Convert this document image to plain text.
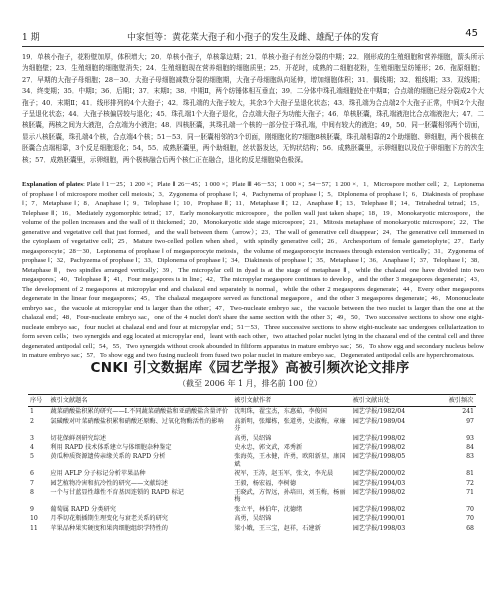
1 期	中家恒等：黄花菜大孢子和小孢子的发生及雌、雄配子体的发育	45
19．单核小孢子，花粉壁加厚，体积增大；20．单核小孢子，单核靠边期；21．单核小孢子有丝分裂的中期；22．刚形成的生殖细胞和营养细胞，箭头所示为细胞壁；23．生殖细胞的细胞壁消失；24．生殖细胞现在营养细胞的细胞质里；25．开花时，成熟的二细胞花粉，生殖细胞呈纺锤形；26．孢原细胞；27．早期的大孢子母细胞；28－30．大孢子母细胞减数分裂的细胞期，大孢子母细胞纵向延伸，增加细胞体积；31．偶线期；32．粗线期；33．双线期；34．终变期；35．中期Ⅰ；36．后期Ⅰ；37．末期Ⅰ；38．中期Ⅱ，两个纺锤体相互垂直；39．二分体中珠孔端细胞处在中期Ⅱ；合点端的细胞已经分裂成2个大孢子；40．末期Ⅱ；41．线形排列的4个大孢子；42．珠孔端的大孢子较大，其余3个大孢子呈退化状态；43．珠孔端为合点端2个大孢子正常，中间2个大孢子呈退化状态；44．大孢子核偏居较与退化；45．珠孔端1个大孢子退化，合点端大孢子为功能大孢子；46．单核胚囊，珠孔端液泡比合点端液泡大；47．二核胚囊，两核之间为大液泡，合点端为小液泡；48．四核胚囊，其珠孔端一个核的一部分位于珠孔端，中间有较大的液泡；49，50．同一胚囊相邻两个切面，显示八核胚囊，珠孔端4个核，合点端4个核；51－53．同一胚囊相邻的3个切面，刚细胞化的7细胞8核胚囊，珠孔端相靠的2个助细胞、卵细胞，两个极核在胚囊合点端相靠，3个反足细胞退化；54，55．成熟胚囊里，两个助细胞，丝状器发达，无钩状结构；56．成熟胚囊里，示卵细胞以及位于卵细胞下方的次生核；57．成熟胚囊里，示卵细胞，两个极核融合后两个核仁正在融合，退化的反足细胞染色极深。
Explanation of plates: Plate Ⅰ 1－25；1 200 ×；Plate Ⅱ 26－45；1 000 ×；Plate Ⅲ 46－53；1 000 ×；54－57；1 200 ×．1．Microspore mother cell；2．Leptonema of prophase Ⅰ of microspore mother cell meiosis；3．Zygonema of prophase Ⅰ；4．Pachynema of prophase Ⅰ；5．Diplonema of prophase Ⅰ；6．Diakinesis of prophase Ⅰ；7．Metaphase Ⅰ；8．Anaphase Ⅰ；9．Telophase Ⅰ；10．Prophase Ⅱ；11．Metaphase Ⅱ；12．Anaphase Ⅱ；13．Telephase Ⅱ；14．Tetrahedral tetrad；15．Telephase Ⅱ；16．Mediately zygomorphic tetrad；17．Early monokaryotic microspore，the pollen wall just taken shape；18，19．Monokaryotic microspore，the volume of the pollen increases and the wall of it thickened；20．Monokaryotic side stage microspore；21．Mitosis metaphase of monokaryotic microspore；22．The generative and vegetative cell that just formed，and the wall between them（arrow）；23．The wall of generative cell disappear；24．The generative cell immersed in the cytoplasm of vegetative cell；25．Mature two-celled pollen when shed，with spindly generative cell；26．Archesporium of female gametophyte；27．Early megasporocyte；28－30．Leptonema of prophase Ⅰ of megasporocyte meiosis，the volume of megasporocyte increases through extension vertically；31．Zygonema of prophase Ⅰ；32．Pachyzema of prophase Ⅰ；33．Diplonema of prophase Ⅰ；34．Diakinesis of prophase Ⅰ；35．Metaphase Ⅰ；36．Anaphase Ⅰ；37．Telophase Ⅰ；38．Metaphase Ⅱ，two spindles arranged vertically；39．The micropylar cell in dyad is at the stage of metaphase Ⅱ，while the chalazal one have divided into two megaspores；40．Telophase Ⅱ；41．Four megaspores is in line；42．The micropylar megaspore continues to develop，and the other 3 megaspores degenerate；43．The development of 2 megaspores at micropylar end and chalazal end separately is normal，while the other 2 megaspores degenerate；44．Every other megaspores degenerate in the linear four megaspores；45．The chalazal megaspore served as functional megaspore，and the other 3 megaspores degenerate；46．Mononucleate embryo sac，the vacuole at micropylar end is larger than the other；47．Two-nucleate embryo sac，the vacuole between the two nuclei is larger than the one at the chalazal end；48．Four-nucleate embryo sac，one of the 4 nuclei don't share the same section with the other 3；49，50．Two successive sections to show one eight-nucleate embryo sac，four nuclei at chalazal end and four at micropylar end；51－53．Three successive sections to show eight-nucleate sac undergoes cellularization to form seven cells；two synergids and egg located at micropylar end，leant with each other，two attached polar nuclei lying in the chazaral end of the central cell and three degenerated antipodal cell；54，55．Two synergids without crook abounded in filiform apparatus in mature embryo sac；56．To show egg and secondary nucleus below in mature embryo sac；57．To show egg and two fusing nucleoli from fused two polar nuclei in mature embryo sac．Degenerated antipodal cells are hyperchromatous.
CNKI 引文数据库《园艺学报》高被引频次论文排序
（截至 2006 年 1 月，排名前 100 位）
序号	被引文献题名	被引文献作者	被引文献出处	被引频次
1	蔬菜硝酸盐积累的研究——Ⅰ.不同蔬菜硝酸盐和亚硝酸盐含量评价	沈明珠，翟宝杰，东惠茹，李俊国	园艺学报/1982/04	241
2	氯磺酸对叶菜硝酸盐积累和硝酸还原酶、过氧化物酶活性的影响	高新明，张耀栋，张道勇，史淑梅，章廉芬	园艺学报/1989/04	97
3	切花保鲜剂研究综述	高勇，吴绍锦	园艺学报/1998/02	93
4	利用 RAPD 技术体系建立与体细胞杂种鉴定	史永忠，郭文武，邓秀新	园艺学报/1998/02	84
5	黄瓜种质资源遗传亲缘关系的 RAPD 分析	张海英，王永健，许勇，欧阳新星，康国斌	园艺学报/1998/05	83
6	应用 AFLP 分子标记分析苹果品种	祝军，王涛，赵玉军，张文，李光晨	园艺学报/2000/02	81
7	园艺植物冷害和抗冷性的研究——文献综述	王毅，杨宏福，李树德	园艺学报/1994/03	72
8	一个与甘蓝显性雄性不育基因连锁的 RAPD 标记	王晓武，方智远，孙培田，刘玉梅，杨丽梅	园艺学报/1998/02	71
9	葡萄属 RAPD 分类研究	张立平，林伯年，沈德绪	园艺学报/1998/02	70
10	月季切花瓶插期生理变化与衰老关系的研究	高勇，吴绍锦	园艺学报/1990/01	70
11	苹果品种果实硬度和果肉细胞组织学特性的	梁小娥，王三宝，赵祥，石建新	园艺学报/1998/03	68
